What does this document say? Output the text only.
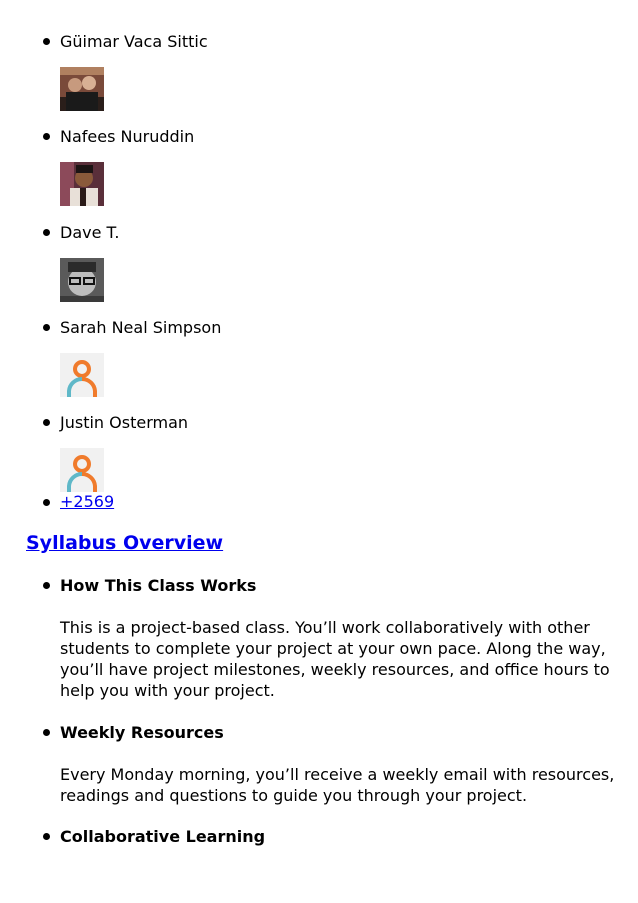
Güimar Vaca Sittic
Nafees Nuruddin
Dave T.
Sarah Neal Simpson
Justin Osterman
+2569
Syllabus Overview
How This Class Works

This is a project-based class. You’ll work collaboratively with other students to complete your project at your own pace. Along the way, you’ll have project milestones, weekly resources, and office hours to help you with your project.

Weekly Resources

Every Monday morning, you’ll receive a weekly email with resources, readings and questions to guide you through your project.

Collaborative Learning
